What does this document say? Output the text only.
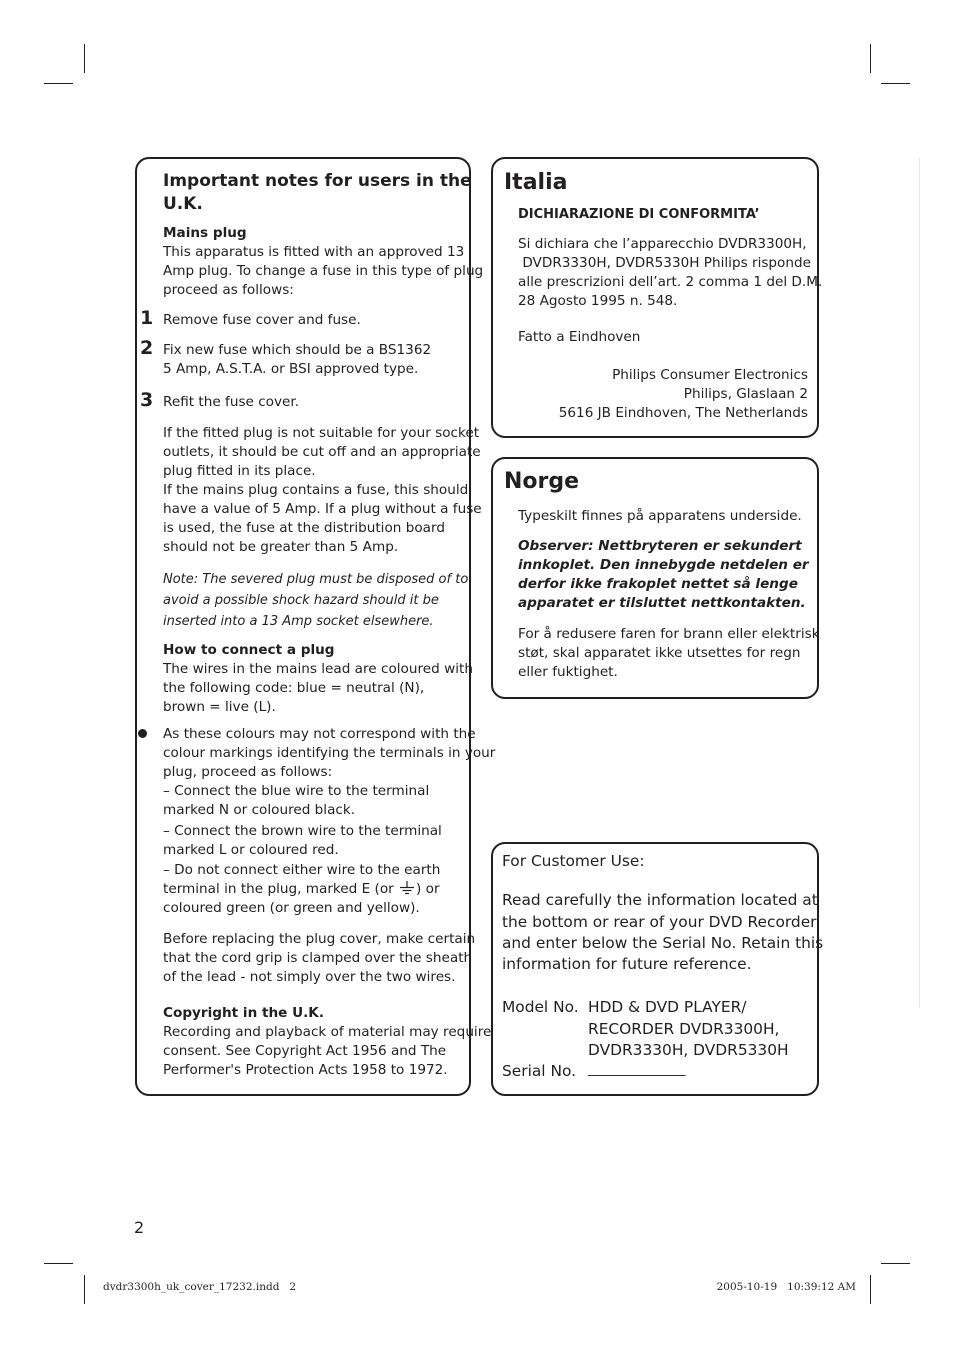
Important notes for users in the
U.K.
Mains plug
This apparatus is fitted with an approved 13
Amp plug. To change a fuse in this type of plug
proceed as follows:
1 Remove fuse cover and fuse.
2 Fix new fuse which should be a BS1362
5 Amp, A.S.T.A. or BSI approved type.
3 Refit the fuse cover.
If the fitted plug is not suitable for your socket
outlets, it should be cut off and an appropriate
plug fitted in its place.
If the mains plug contains a fuse, this should
have a value of 5 Amp. If a plug without a fuse
is used, the fuse at the distribution board
should not be greater than 5 Amp.
Note: The severed plug must be disposed of to
avoid a possible shock hazard should it be
inserted into a 13 Amp socket elsewhere.
How to connect a plug
The wires in the mains lead are coloured with
the following code: blue = neutral (N),
brown = live (L).
As these colours may not correspond with the
colour markings identifying the terminals in your
plug, proceed as follows:
– Connect the blue wire to the terminal
marked N or coloured black.
– Connect the brown wire to the terminal
marked L or coloured red.
– Do not connect either wire to the earth
terminal in the plug, marked E (or ) or
coloured green (or green and yellow).
Before replacing the plug cover, make certain
that the cord grip is clamped over the sheath
of the lead - not simply over the two wires.
Copyright in the U.K.
Recording and playback of material may require
consent. See Copyright Act 1956 and The
Performer's Protection Acts 1958 to 1972.
Italia
DICHIARAZIONE DI CONFORMITA’
Si dichiara che l’apparecchio DVDR3300H,
DVDR3330H, DVDR5330H Philips risponde
alle prescrizioni dell’art. 2 comma 1 del D.M.
28 Agosto 1995 n. 548.
Fatto a Eindhoven
Philips Consumer Electronics
Philips, Glaslaan 2
5616 JB Eindhoven, The Netherlands
Norge
Typeskilt finnes på apparatens underside.
Observer: Nettbryteren er sekundert
innkoplet. Den innebygde netdelen er
derfor ikke frakoplet nettet så lenge
apparatet er tilsluttet nettkontakten.
For å redusere faren for brann eller elektrisk
støt, skal apparatet ikke utsettes for regn
eller fuktighet.
For Customer Use:
Read carefully the information located at
the bottom or rear of your DVD Recorder
and enter below the Serial No. Retain this
information for future reference.
Model No. HDD & DVD PLAYER/
RECORDER DVDR3300H,
DVDR3330H, DVDR5330H
Serial No. _______________
2
dvdr3300h_uk_cover_17232.indd   2	2005-10-19   10:39:12 AM
